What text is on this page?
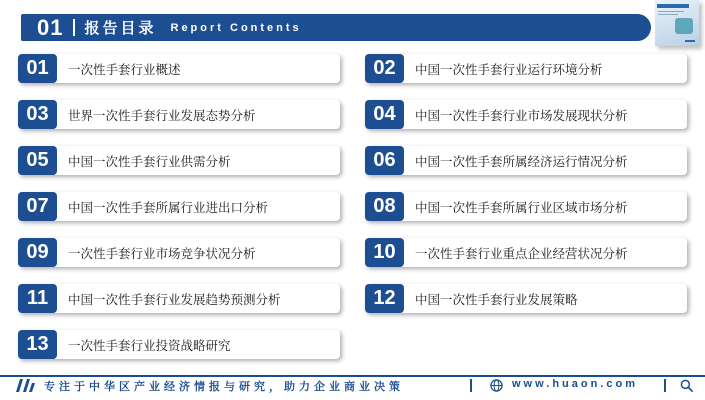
01 报告目录 Report Contents
01	一次性手套行业概述	02	中国一次性手套行业运行环境分析
03	世界一次性手套行业发展态势分析	04	中国一次性手套行业市场发展现状分析
05	中国一次性手套行业供需分析	06	中国一次性手套所属经济运行情况分析
07	中国一次性手套所属行业进出口分析	08	中国一次性手套所属行业区域市场分析
09	一次性手套行业市场竞争状况分析	10	一次性手套行业重点企业经营状况分析
11	中国一次性手套行业发展趋势预测分析	12	中国一次性手套行业发展策略
13	一次性手套行业投资战略研究
专注于中华区产业经济情报与研究，助力企业商业决策	www.huaon.com
